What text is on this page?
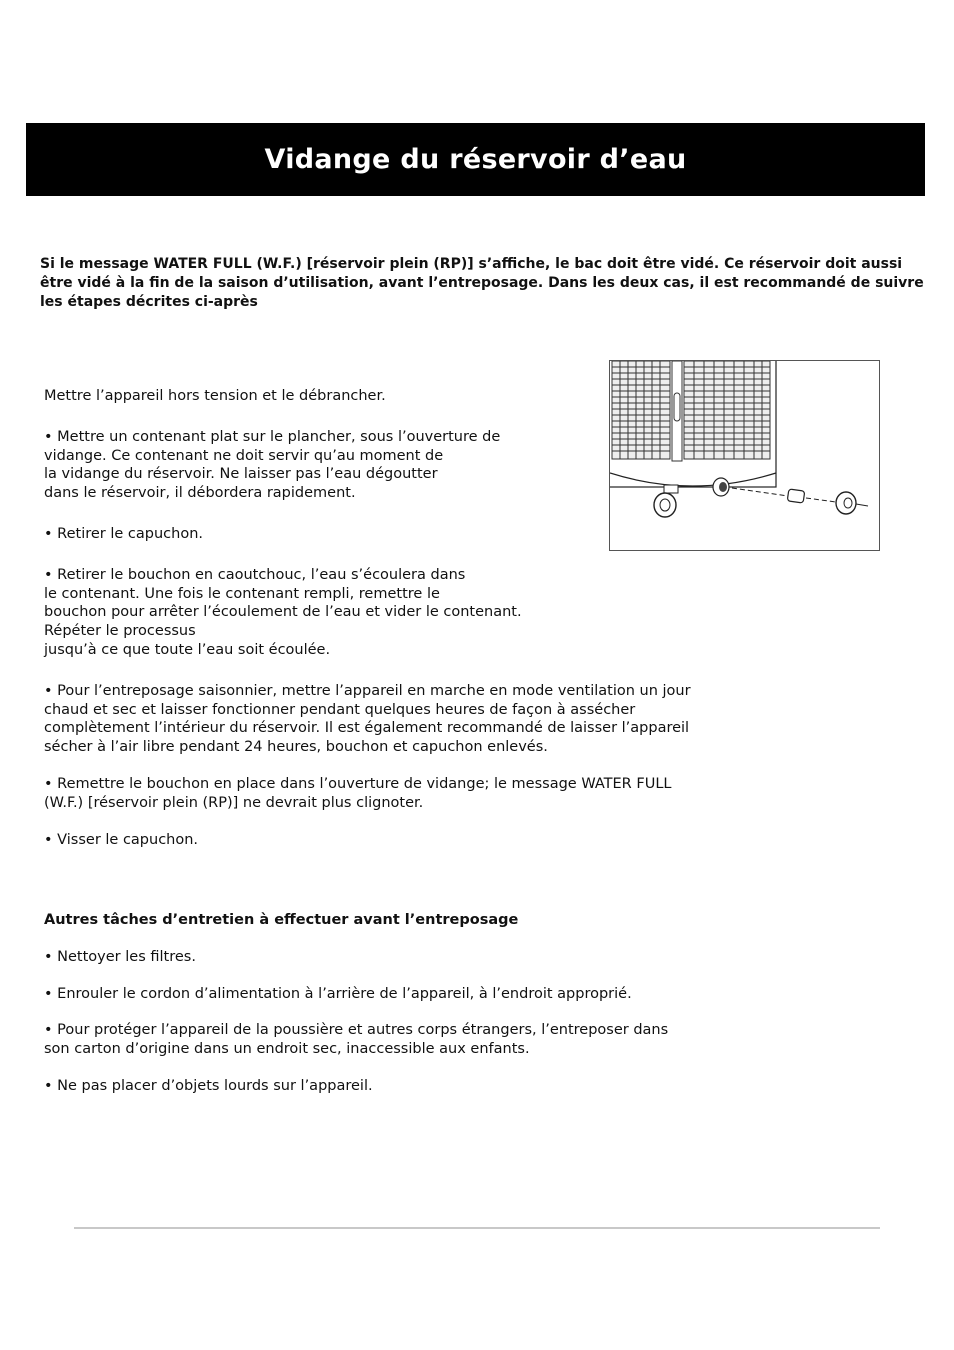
Vidange du réservoir d’eau

Si le message WATER FULL (W.F.) [réservoir plein (RP)] s’affiche, le bac doit être vidé. Ce réservoir doit aussi être vidé à la fin de la saison d’utilisation, avant l’entreposage. Dans les deux cas, il est recommandé de suivre les étapes décrites ci-après

Mettre l’appareil hors tension et le débrancher.

• Mettre un contenant plat sur le plancher, sous l’ouverture de
vidange. Ce contenant ne doit servir qu’au moment de
la vidange du réservoir. Ne laisser pas l’eau dégoutter
dans le réservoir, il débordera rapidement.

• Retirer le capuchon.

• Retirer le bouchon en caoutchouc, l’eau s’écoulera dans
le contenant. Une fois le contenant rempli, remettre le
bouchon pour arrêter l’écoulement de l’eau et vider le contenant.
Répéter le processus
jusqu’à ce que toute l’eau soit écoulée.

• Pour l’entreposage saisonnier, mettre l’appareil en marche en mode ventilation un jour
chaud et sec et laisser fonctionner pendant quelques heures de façon à assécher
complètement l’intérieur du réservoir. Il est également recommandé de laisser l’appareil
sécher à l’air libre pendant 24 heures, bouchon et capuchon enlevés.

• Remettre le bouchon en place dans l’ouverture de vidange; le message WATER FULL
(W.F.) [réservoir plein (RP)] ne devrait plus clignoter.

• Visser le capuchon.

Autres tâches d’entretien à effectuer avant l’entreposage

• Nettoyer les filtres.

• Enrouler le cordon d’alimentation à l’arrière de l’appareil, à l’endroit approprié.

• Pour protéger l’appareil de la poussière et autres corps étrangers, l’entreposer dans
son carton d’origine dans un endroit sec, inaccessible aux enfants.

• Ne pas placer d’objets lourds sur l’appareil.
